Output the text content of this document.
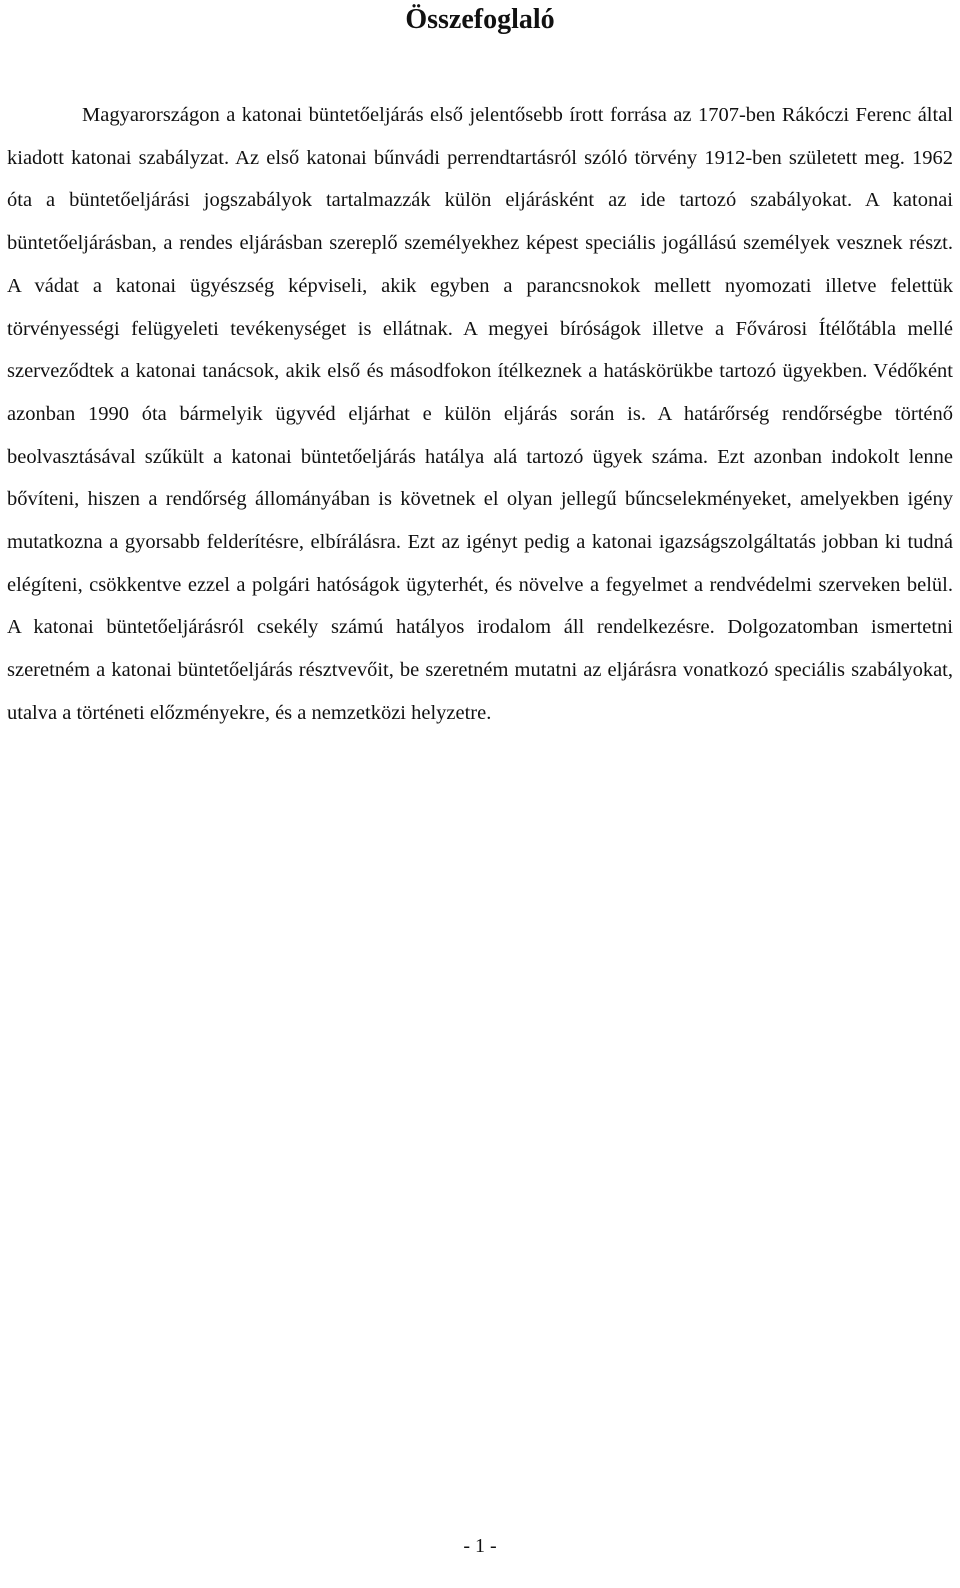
Összefoglaló

Magyarországon a katonai büntetőeljárás első jelentősebb írott forrása az 1707-ben Rákóczi Ferenc által kiadott katonai szabályzat. Az első katonai bűnvádi perrendtartásról szóló törvény 1912-ben született meg. 1962 óta a büntetőeljárási jogszabályok tartalmazzák külön eljárásként az ide tartozó szabályokat. A katonai büntetőeljárásban, a rendes eljárásban szereplő személyekhez képest speciális jogállású személyek vesznek részt. A vádat a katonai ügyészség képviseli, akik egyben a parancsnokok mellett nyomozati illetve felettük törvényességi felügyeleti tevékenységet is ellátnak. A megyei bíróságok illetve a Fővárosi Ítélőtábla mellé szerveződtek a katonai tanácsok, akik első és másodfokon ítélkeznek a hatáskörükbe tartozó ügyekben. Védőként azonban 1990 óta bármelyik ügyvéd eljárhat e külön eljárás során is. A határőrség rendőrségbe történő beolvasztásával szűkült a katonai büntetőeljárás hatálya alá tartozó ügyek száma. Ezt azonban indokolt lenne bővíteni, hiszen a rendőrség állományában is követnek el olyan jellegű bűncselekményeket, amelyekben igény mutatkozna a gyorsabb felderítésre, elbírálásra. Ezt az igényt pedig a katonai igazságszolgáltatás jobban ki tudná elégíteni, csökkentve ezzel a polgári hatóságok ügyterhét, és növelve a fegyelmet a rendvédelmi szerveken belül. A katonai büntetőeljárásról csekély számú hatályos irodalom áll rendelkezésre. Dolgozatomban ismertetni szeretném a katonai büntetőeljárás résztvevőit, be szeretném mutatni az eljárásra vonatkozó speciális szabályokat, utalva a történeti előzményekre, és a nemzetközi helyzetre.

- 1 -
